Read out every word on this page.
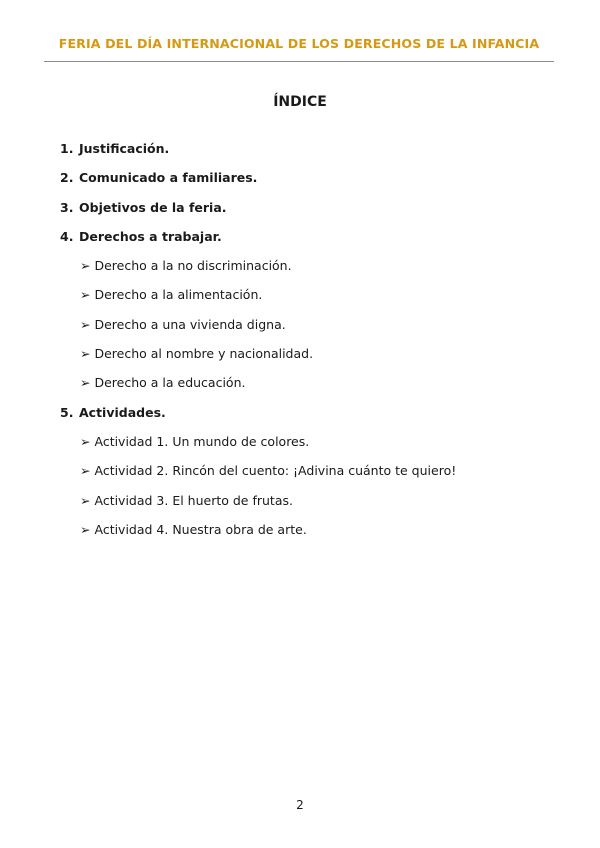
FERIA DEL DÍA INTERNACIONAL DE LOS DERECHOS DE LA INFANCIA
ÍNDICE
1. Justificación.
2. Comunicado a familiares.
3. Objetivos de la feria.
4. Derechos a trabajar.
➢ Derecho a la no discriminación.
➢ Derecho a la alimentación.
➢ Derecho a una vivienda digna.
➢ Derecho al nombre y nacionalidad.
➢ Derecho a la educación.
5. Actividades.
➢ Actividad 1. Un mundo de colores.
➢ Actividad 2. Rincón del cuento: ¡Adivina cuánto te quiero!
➢ Actividad 3. El huerto de frutas.
➢ Actividad 4. Nuestra obra de arte.
2
